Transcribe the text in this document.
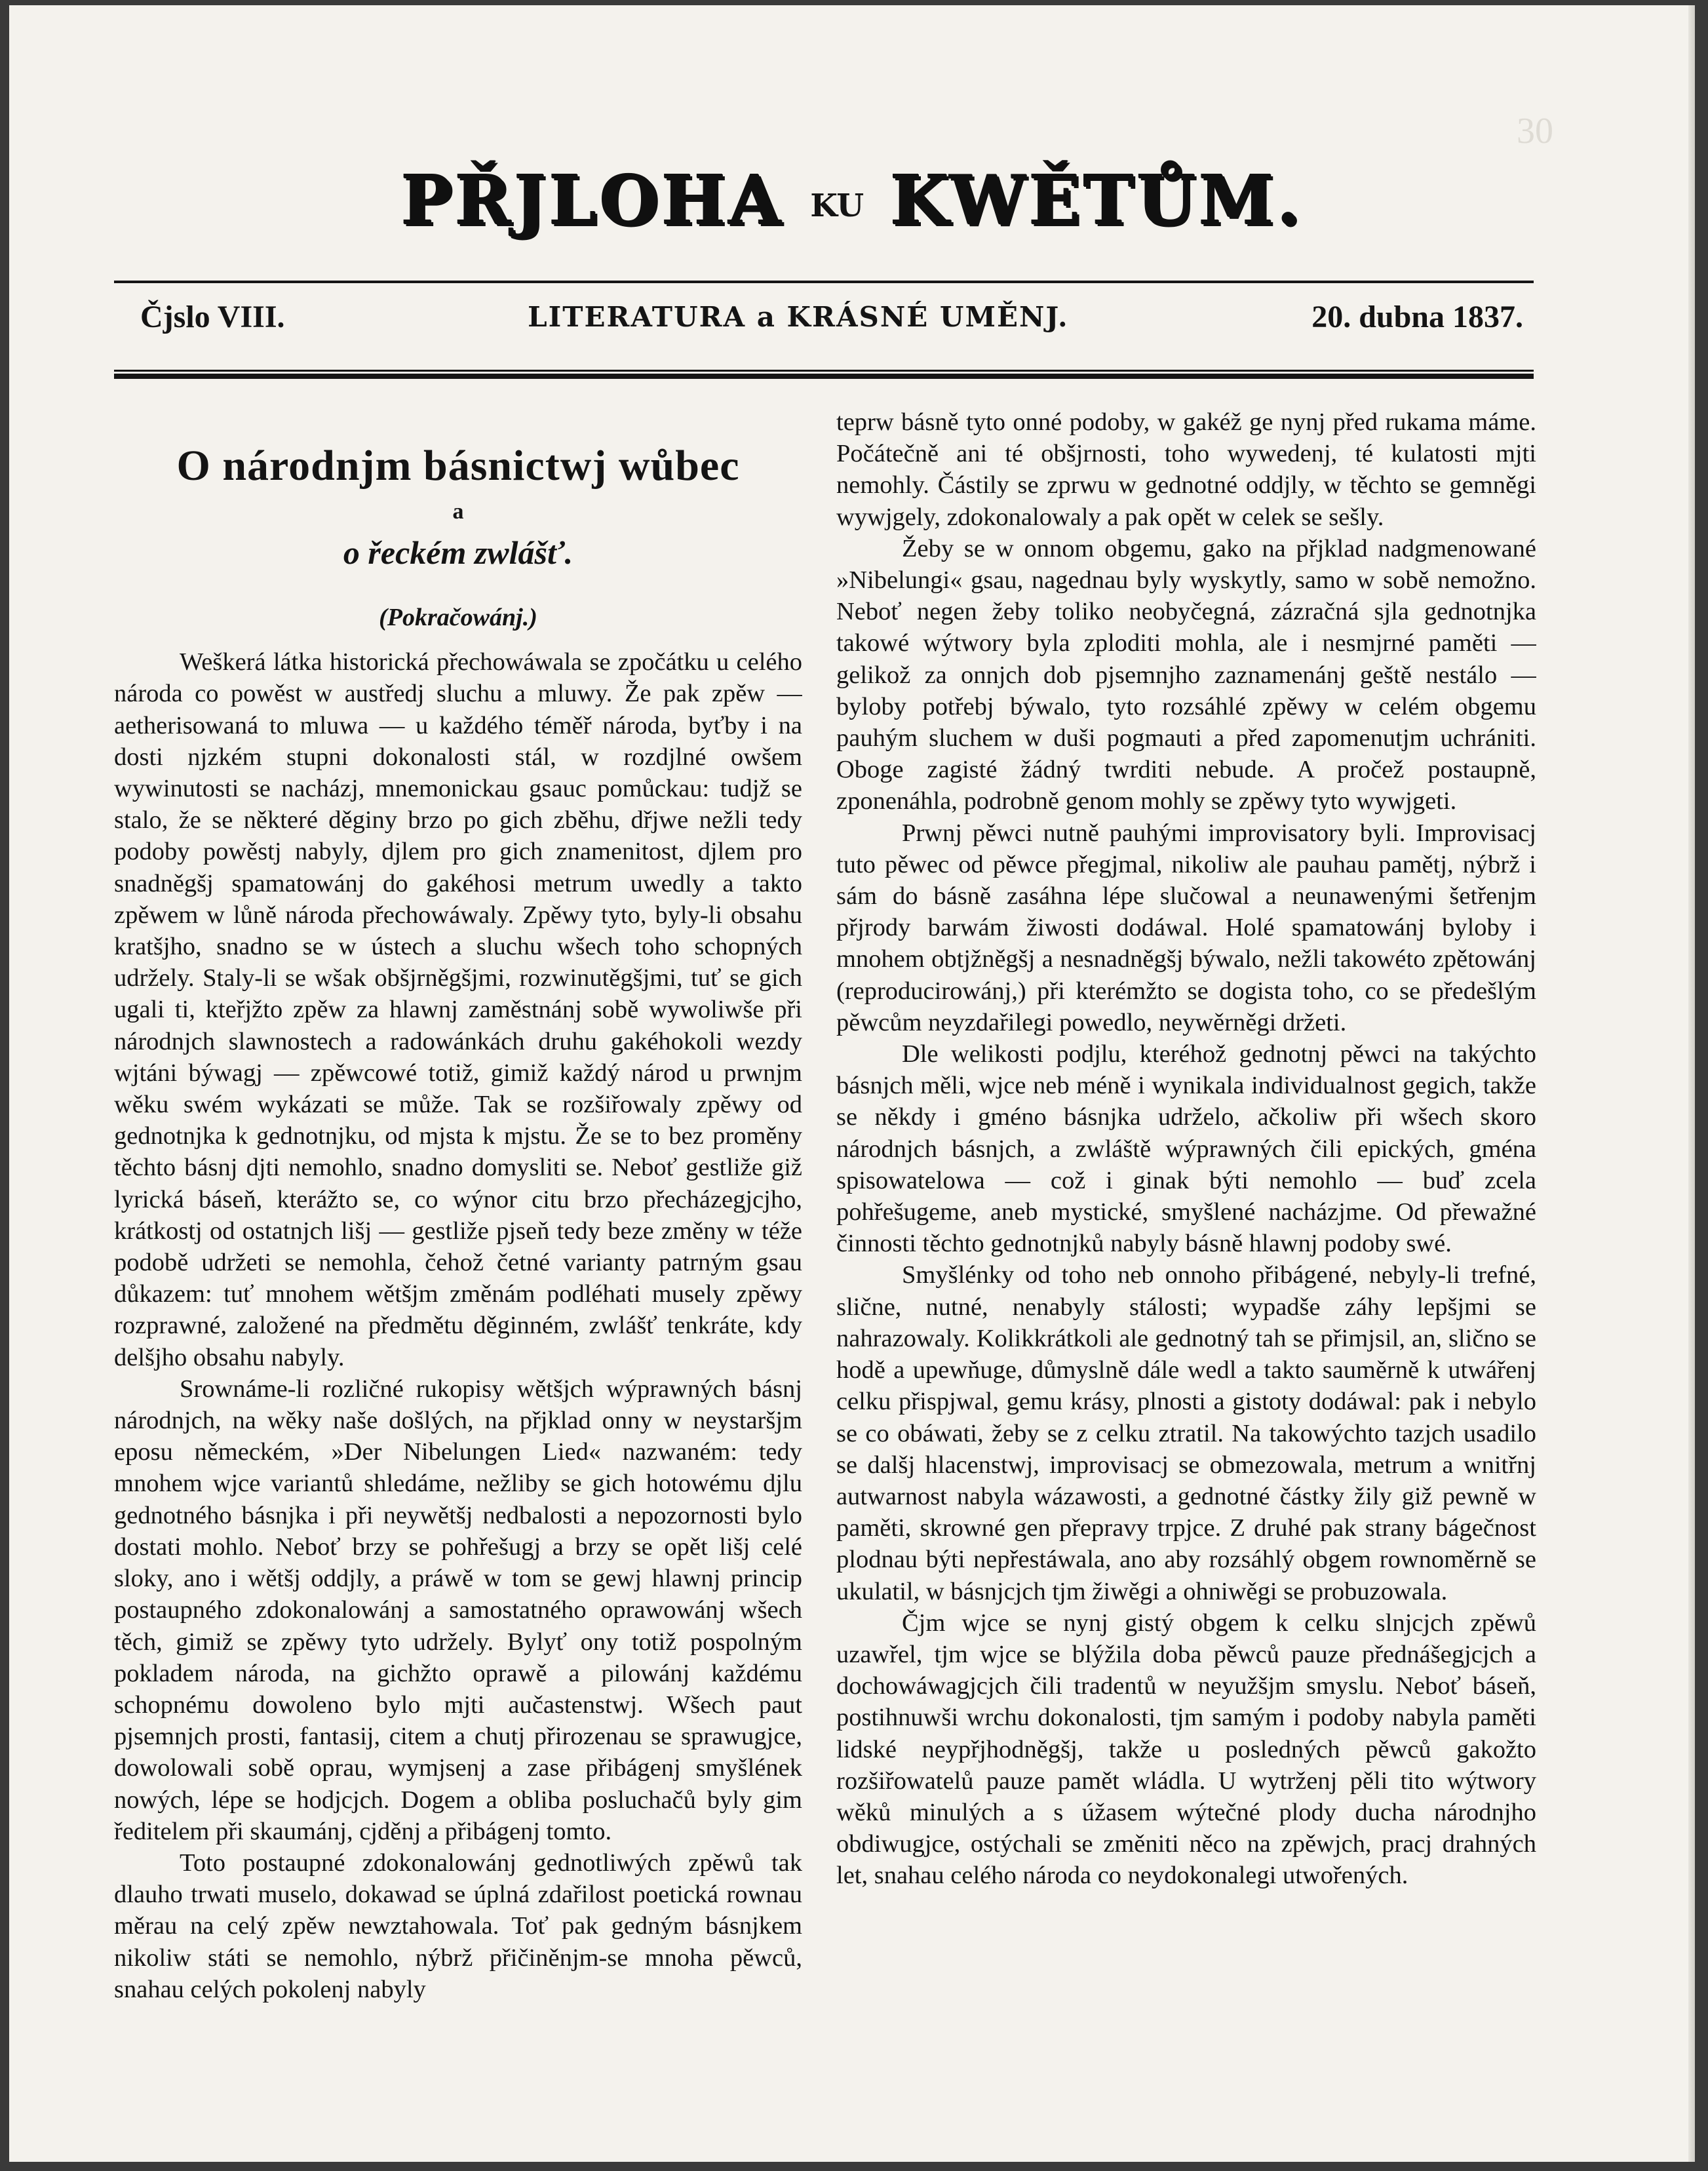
30
PŘJLOHA KU KWĚTŮM.
Čjslo VIII.	LITERATURA a KRÁSNÉ UMĚNJ.	20. dubna 1837.
O národnjm básnictwj wůbec
a
o řeckém zwlášť.
(Pokračowánj.)

Weškerá látka historická přechowáwala se zpočátku u celého národa co powěst w austředj sluchu a mluwy. Že pak zpěw — aetherisowaná to mluwa — u každého téměř národa, byťby i na dosti njzkém stupni dokonalosti stál, w rozdjlné owšem wywinutosti se nacházj, mnemonickau gsauc pomůckau: tudjž se stalo, že se některé děginy brzo po gich zběhu, dřjwe nežli tedy podoby powěstj nabyly, djlem pro gich znamenitost, djlem pro snadněgšj spamatowánj do gakéhosi metrum uwedly a takto zpěwem w lůně národa přechowáwaly. Zpěwy tyto, byly-li obsahu kratšjho, snadno se w ústech a sluchu wšech toho schopných udržely. Staly-li se wšak obšjrněgšjmi, rozwinutěgšjmi, tuť se gich ugali ti, kteřjžto zpěw za hlawnj zaměstnánj sobě wywoliwše při národnjch slawnostech a radowánkách druhu gakéhokoli wezdy wjtáni býwagj — zpěwcowé totiž, gimiž každý národ u prwnjm wěku swém wykázati se může. Tak se rozšiřowaly zpěwy od gednotnjka k gednotnjku, od mjsta k mjstu. Že se to bez proměny těchto básnj djti nemohlo, snadno domysliti se. Neboť gestliže giž lyrická báseň, kterážto se, co wýnor citu brzo přecházegjcjho, krátkostj od ostatnjch lišj — gestliže pjseň tedy beze změny w téže podobě udržeti se nemohla, čehož četné varianty patrným gsau důkazem: tuť mnohem wětšjm změnám podléhati musely zpěwy rozprawné, založené na předmětu děginném, zwlášť tenkráte, kdy delšjho obsahu nabyly.

Srownáme-li rozličné rukopisy wětšjch wýprawných básnj národnjch, na wěky naše došlých, na přjklad onny w neystaršjm eposu německém, »Der Nibelungen Lied« nazwaném: tedy mnohem wjce variantů shledáme, nežliby se gich hotowému djlu gednotného básnjka i při neywětšj nedbalosti a nepozornosti bylo dostati mohlo. Neboť brzy se pohřešugj a brzy se opět lišj celé sloky, ano i wětšj oddjly, a práwě w tom se gewj hlawnj princip postaupného zdokonalowánj a samostatného oprawowánj wšech těch, gimiž se zpěwy tyto udržely. Bylyť ony totiž pospolným pokladem národa, na gichžto oprawě a pilowánj každému schopnému dowoleno bylo mjti aučastenstwj. Wšech paut pjsemnjch prosti, fantasij, citem a chutj přirozenau se sprawugjce, dowolowali sobě oprau, wymjsenj a zase přibágenj smyšlének nowých, lépe se hodjcjch. Dogem a obliba posluchačů byly gim ředitelem při skaumánj, cjděnj a přibágenj tomto.

Toto postaupné zdokonalowánj gednotliwých zpěwů tak dlauho trwati muselo, dokawad se úplná zdařilost poetická rownau měrau na celý zpěw newztahowala. Toť pak gedným básnjkem nikoliw státi se nemohlo, nýbrž přičiněnjm-se mnoha pěwců, snahau celých pokolenj nabyly

teprw básně tyto onné podoby, w gakéž ge nynj před rukama máme. Počátečně ani té obšjrnosti, toho wywedenj, té kulatosti mjti nemohly. Částily se zprwu w gednotné oddjly, w těchto se gemněgi wywjgely, zdokonalowaly a pak opět w celek se sešly.

Žeby se w onnom obgemu, gako na přjklad nadgmenowané »Nibelungi« gsau, nagednau byly wyskytly, samo w sobě nemožno. Neboť negen žeby toliko neobyčegná, zázračná sjla gednotnjka takowé wýtwory byla zploditi mohla, ale i nesmjrné paměti — gelikož za onnjch dob pjsemnjho zaznamenánj geště nestálo — byloby potřebj býwalo, tyto rozsáhlé zpěwy w celém obgemu pauhým sluchem w duši pogmauti a před zapomenutjm uchrániti. Oboge zagisté žádný twrditi nebude. A pročež postaupně, zponenáhla, podrobně genom mohly se zpěwy tyto wywjgeti.

Prwnj pěwci nutně pauhými improvisatory byli. Improvisacj tuto pěwec od pěwce přegjmal, nikoliw ale pauhau pamětj, nýbrž i sám do básně zasáhna lépe slučowal a neunawenými šetřenjm přjrody barwám žiwosti dodáwal. Holé spamatowánj byloby i mnohem obtjžněgšj a nesnadněgšj býwalo, nežli takowéto zpětowánj (reproducirowánj,) při kterémžto se dogista toho, co se předešlým pěwcům neyzdařilegi powedlo, neywěrněgi držeti.

Dle welikosti podjlu, kteréhož gednotnj pěwci na takýchto básnjch měli, wjce neb méně i wynikala individualnost gegich, takže se někdy i gméno básnjka udrželo, ačkoliw při wšech skoro národnjch básnjch, a zwláště wýprawných čili epických, gména spisowatelowa — což i ginak býti nemohlo — buď zcela pohřešugeme, aneb mystické, smyšlené nacházjme. Od přewažné činnosti těchto gednotnjků nabyly básně hlawnj podoby swé.

Smyšlénky od toho neb onnoho přibágené, nebyly-li trefné, slične, nutné, nenabyly stálosti; wypadše záhy lepšjmi se nahrazowaly. Kolikkrátkoli ale gednotný tah se přimjsil, an, slično se hodě a upewňuge, důmyslně dále wedl a takto sauměrně k utwářenj celku přispjwal, gemu krásy, plnosti a gistoty dodáwal: pak i nebylo se co obáwati, žeby se z celku ztratil. Na takowýchto tazjch usadilo se dalšj hlacenstwj, improvisacj se obmezowala, metrum a wnitřnj autwarnost nabyla wázawosti, a gednotné částky žily giž pewně w paměti, skrowné gen přepravy trpjce. Z druhé pak strany bágečnost plodnau býti nepřestáwala, ano aby rozsáhlý obgem rownoměrně se ukulatil, w básnjcjch tjm žiwěgi a ohniwěgi se probuzowala.

Čjm wjce se nynj gistý obgem k celku slnjcjch zpěwů uzawřel, tjm wjce se blýžila doba pěwců pauze přednášegjcjch a dochowáwagjcjch čili tradentů w neyužšjm smyslu. Neboť báseň, postihnuwši wrchu dokonalosti, tjm samým i podoby nabyla paměti lidské neypřjhodněgšj, takže u posledných pěwců gakožto rozšiřowatelů pauze pamět wládla. U wytrženj pěli tito wýtwory wěků minulých a s úžasem wýtečné plody ducha národnjho obdiwugjce, ostýchali se změniti něco na zpěwjch, pracj drahných let, snahau celého národa co neydokonalegi utwořených.
